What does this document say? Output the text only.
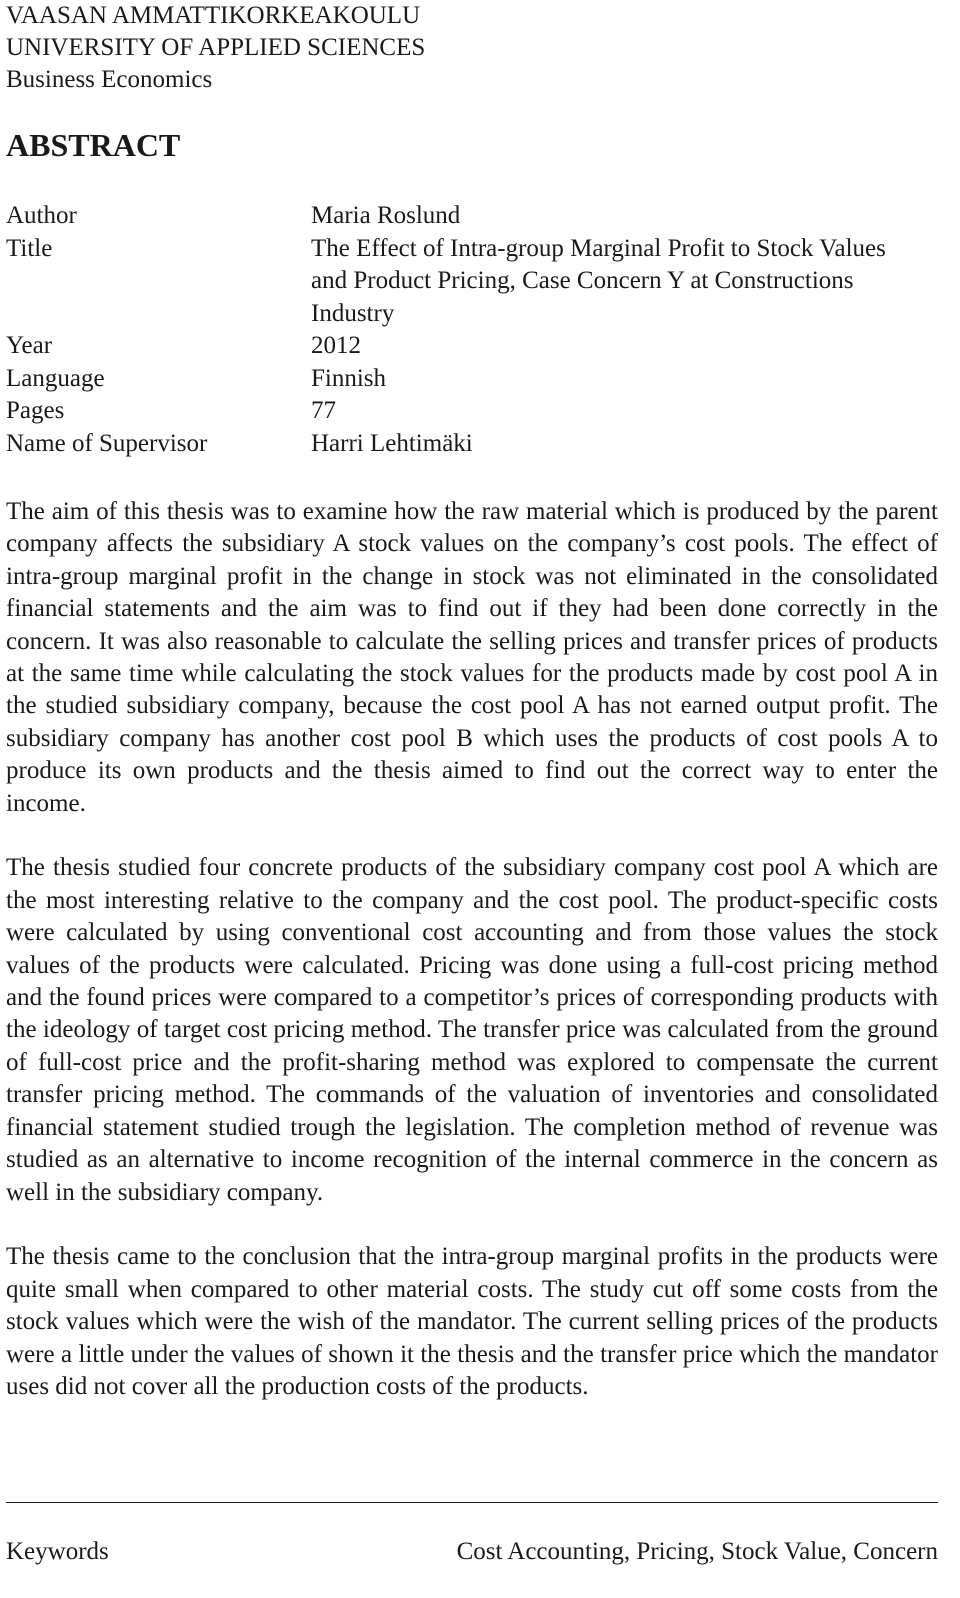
VAASAN AMMATTIKORKEAKOULU
UNIVERSITY OF APPLIED SCIENCES
Business Economics
ABSTRACT
Author	Maria Roslund
Title	The Effect of Intra-group Marginal Profit to Stock Values and Product Pricing, Case Concern Y at Constructions Industry
Year	2012
Language	Finnish
Pages	77
Name of Supervisor	Harri Lehtimäki

The aim of this thesis was to examine how the raw material which is produced by the parent company affects the subsidiary A stock values on the company’s cost pools. The effect of intra-group marginal profit in the change in stock was not eliminated in the consolidated financial statements and the aim was to find out if they had been done correctly in the concern. It was also reasonable to calculate the selling prices and transfer prices of products at the same time while calculating the stock values for the products made by cost pool A in the studied subsidiary company, because the cost pool A has not earned output profit. The subsidiary company has another cost pool B which uses the products of cost pools A to produce its own products and the thesis aimed to find out the correct way to enter the income.

The thesis studied four concrete products of the subsidiary company cost pool A which are the most interesting relative to the company and the cost pool. The product-specific costs were calculated by using conventional cost accounting and from those values the stock values of the products were calculated. Pricing was done using a full-cost pricing method and the found prices were compared to a competitor’s prices of corresponding products with the ideology of target cost pricing method. The transfer price was calculated from the ground of full-cost price and the profit-sharing method was explored to compensate the current transfer pricing method. The commands of the valuation of inventories and consolidated financial statement studied trough the legislation. The completion method of revenue was studied as an alternative to income recognition of the internal commerce in the concern as well in the subsidiary company.

The thesis came to the conclusion that the intra-group marginal profits in the products were quite small when compared to other material costs. The study cut off some costs from the stock values which were the wish of the mandator. The current selling prices of the products were a little under the values of shown it the thesis and the transfer price which the mandator uses did not cover all the production costs of the products.

Keywords	Cost Accounting, Pricing, Stock Value, Concern
